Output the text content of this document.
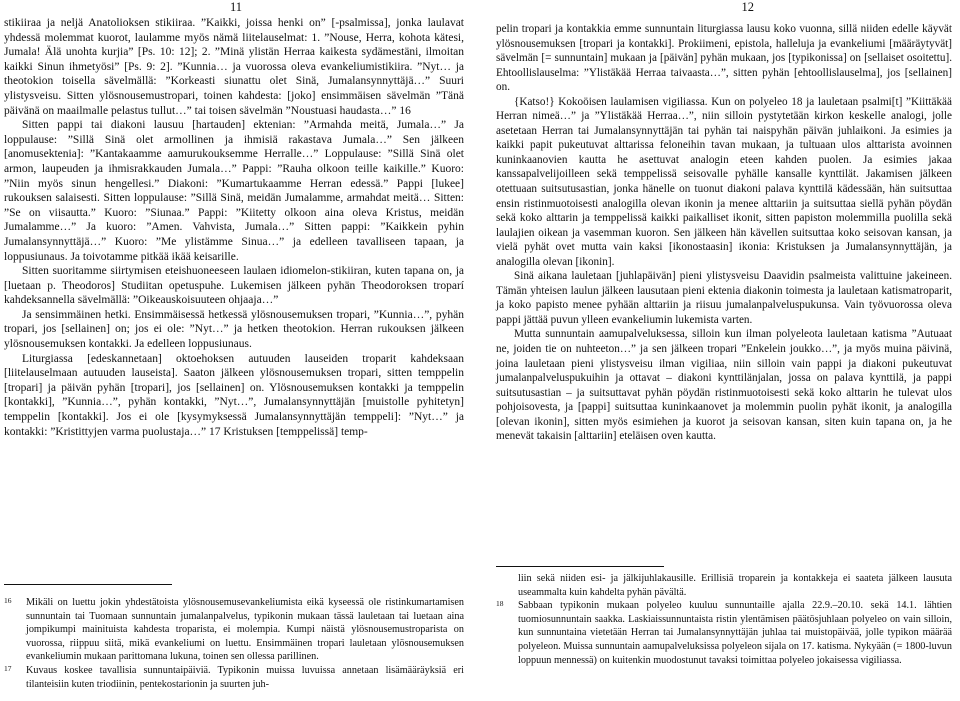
11

stikiiraa ja neljä Anatolioksen stikiiraa. ”Kaikki, joissa henki on” [-psalmissa], jonka laulavat yhdessä molemmat kuorot, laulamme myös nämä liitelauselmat: 1. ”Nouse, Herra, kohota kätesi, Jumala! Älä unohta kurjia” [Ps. 10: 12]; 2. ”Minä ylistän Herraa kaikesta sydämestäni, ilmoitan kaikki Sinun ihmetyösi” [Ps. 9: 2]. ”Kunnia… ja vuorossa oleva evankeliumistikiira. ”Nyt… ja theotokion toisella sävelmällä: ”Korkeasti siunattu olet Sinä, Jumalansynnyttäjä…” Suuri ylistysveisu. Sitten ylösnousemustropari, toinen kahdesta: [joko] ensimmäisen sävelmän ”Tänä päivänä on maailmalle pelastus tullut…” tai toisen sävelmän ”Noustuasi haudasta…” 16

Sitten pappi tai diakoni lausuu [hartauden] ektenian: ”Armahda meitä, Jumala…” Ja loppulause: ”Sillä Sinä olet armollinen ja ihmisiä rakastava Jumala…” Sen jälkeen [anomusektenia]: ”Kantakaamme aamurukouksemme Herralle…” Loppulause: ”Sillä Sinä olet armon, laupeuden ja ihmisrakkauden Jumala…” Pappi: ”Rauha olkoon teille kaikille.” Kuoro: ”Niin myös sinun hengellesi.” Diakoni: ”Kumartukaamme Herran edessä.” Pappi [lukee] rukouksen salaisesti. Sitten loppulause: ”Sillä Sinä, meidän Jumalamme, armahdat meitä… Sitten: ”Se on viisautta.” Kuoro: ”Siunaa.” Pappi: ”Kiitetty olkoon aina oleva Kristus, meidän Jumalamme…” Ja kuoro: ”Amen. Vahvista, Jumala…” Sitten pappi: ”Kaikkein pyhin Jumalansynnyttäjä…” Kuoro: ”Me ylistämme Sinua…” ja edelleen tavalliseen tapaan, ja loppusiunaus. Ja toivotamme pitkää ikää keisarille.

Sitten suoritamme siirtymisen eteishuoneeseen laulaen idiomelon-stikiiran, kuten tapana on, ja [luetaan p. Theodoros] Studiitan opetuspuhe. Lukemisen jälkeen pyhän Theodoroksen troparí kahdeksannella sävelmällä: ”Oikeauskoisuuteen ohjaaja…”

Ja sensimmäinen hetki. Ensimmäisessä hetkessä ylösnousemuksen tropari, ”Kunnia…”, pyhän tropari, jos [sellainen] on; jos ei ole: ”Nyt…” ja hetken theotokion. Herran rukouksen jälkeen ylösnousemuksen kontakki. Ja edelleen loppusiunaus.

Liturgiassa [edeskannetaan] oktoehoksen autuuden lauseiden troparit kahdeksaan [liitelauselmaan autuuden lauseista]. Saaton jälkeen ylösnousemuksen tropari, sitten temppelin [tropari] ja päivän pyhän [tropari], jos [sellainen] on. Ylösnousemuksen kontakki ja temppelin [kontakki], ”Kunnia…”, pyhän kontakki, ”Nyt…”, Jumalansynnyttäjän [muistolle pyhitetyn] temppelin [kontakki]. Jos ei ole [kysymyksessä Jumalansynnyttäjän temppeli]: ”Nyt…” ja kontakki: ”Kristittyjen varma puolustaja…” 17 Kristuksen [temppelissä] temp-

16	Mikäli on luettu jokin yhdestätoista ylösnousemusevankeliumista eikä kyseessä ole ristinkumartamisen sunnuntain tai Tuomaan sunnuntain jumalanpalvelus, typikonin mukaan tässä lauletaan tai luetaan aina jompikumpi mainituista kahdesta troparista, ei molempia. Kumpi näistä ylösnousemustroparista on vuorossa, riippuu siitä, mikä evankeliumi on luettu. Ensimmäinen tropari lauletaan ylösnousemuksen evankeliumin mukaan parittomana lukuna, toinen sen ollessa parillinen.
17	Kuvaus koskee tavallisia sunnuntaipäiviä. Typikonin muissa luvuissa annetaan lisämääräyksiä eri tilanteisiin kuten triodiinin, pentekostarionin ja suurten juh-
12

pelin tropari ja kontakkia emme sunnuntain liturgiassa lausu koko vuonna, sillä niiden edelle käyvät ylösnousemuksen [tropari ja kontakki]. Prokiimeni, epistola, halleluja ja evankeliumi [määräytyvät] sävelmän [= sunnuntain] mukaan ja [päivän] pyhän mukaan, jos [typikonissa] on [sellaiset osoitettu]. Ehtoollislauselma: ”Ylistäkää Herraa taivaasta…”, sitten pyhän [ehtoollislauselma], jos [sellainen] on.

{Katso!} Kokoöisen laulamisen vigiliassa. Kun on polyeleo 18 ja lauletaan psalmi[t] ”Kiittäkää Herran nimeä…” ja ”Ylistäkää Herraa…”, niin silloin pystytetään kirkon keskelle analogi, jolle asetetaan Herran tai Jumalansynnyttäjän tai pyhän tai naispyhän päivän juhlaikoni. Ja esimies ja kaikki papit pukeutuvat alttarissa feloneihin tavan mukaan, ja tultuaan ulos alttarista avoinnen kuninkaanovien kautta he asettuvat analogin eteen kahden puolen. Ja esimies jakaa kanssapalvelijoilleen sekä temppelissä seisovalle pyhälle kansalle kynttilät. Jakamisen jälkeen otettuaan suitsutusastian, jonka hänelle on tuonut diakoni palava kynttilä kädessään, hän suitsuttaa ensin ristinmuotoisesti analogilla olevan ikonin ja menee alttariin ja suitsuttaa siellä pyhän pöydän sekä koko alttarin ja temppelissä kaikki paikalliset ikonit, sitten papiston molemmilla puolilla sekä laulajien oikean ja vasemman kuoron. Sen jälkeen hän kävellen suitsuttaa koko seisovan kansan, ja vielä pyhät ovet mutta vain kaksi [ikonostaasin] ikonia: Kristuksen ja Jumalansynnyttäjän, ja analogilla olevan [ikonin].

Sinä aikana lauletaan [juhlapäivän] pieni ylistysveisu Daavidin psalmeista valittuine jakeineen. Tämän yhteisen laulun jälkeen lausutaan pieni ektenia diakonin toimesta ja lauletaan katismatroparit, ja koko papisto menee pyhään alttariin ja riisuu jumalanpalveluspukunsa. Vain työvuorossa oleva pappi jättää puvun ylleen evankeliumin lukemista varten.

Mutta sunnuntain aamupalveluksessa, silloin kun ilman polyeleota lauletaan katisma ”Autuaat ne, joiden tie on nuhteeton…” ja sen jälkeen tropari ”Enkelein joukko…”, ja myös muina päivinä, joina lauletaan pieni ylistysveisu ilman vigiliaa, niin silloin vain pappi ja diakoni pukeutuvat jumalanpalveluspukuihin ja ottavat – diakoni kynttilänjalan, jossa on palava kynttilä, ja pappi suitsutusastian – ja suitsuttavat pyhän pöydän ristinmuotoisesti sekä koko alttarin he tulevat ulos pohjoisovesta, ja [pappi] suitsuttaa kuninkaanovet ja molemmin puolin pyhät ikonit, ja analogilla [olevan ikonin], sitten myös esimiehen ja kuorot ja seisovan kansan, siten kuin tapana on, ja he menevät takaisin [alttariin] eteläisen oven kautta.

liin sekä niiden esi- ja jälkijuhlakausille. Erillisiä troparein ja kontakkeja ei saateta jälkeen lausuta useammalta kuin kahdelta pyhän pävältä.
18	Sabbaan typikonin mukaan polyeleo kuuluu sunnuntaille ajalla 22.9.–20.10. sekä 14.1. lähtien tuomiosunnuntain saakka. Laskiaissunnuntaista ristin ylentämisen päätösjuhlaan polyeleo on vain silloin, kun sunnuntaina vietetään Herran tai Jumalansynnyttäjän juhlaa tai muistopäivää, jolle typikon määrää polyeleon. Muissa sunnuntain aamupalveluksissa polyeleon sijala on 17. katisma. Nykyään (= 1800-luvun loppuun mennessä) on kuitenkin muodostunut tavaksi toimittaa polyeleo jokaisessa vigiliassa.
